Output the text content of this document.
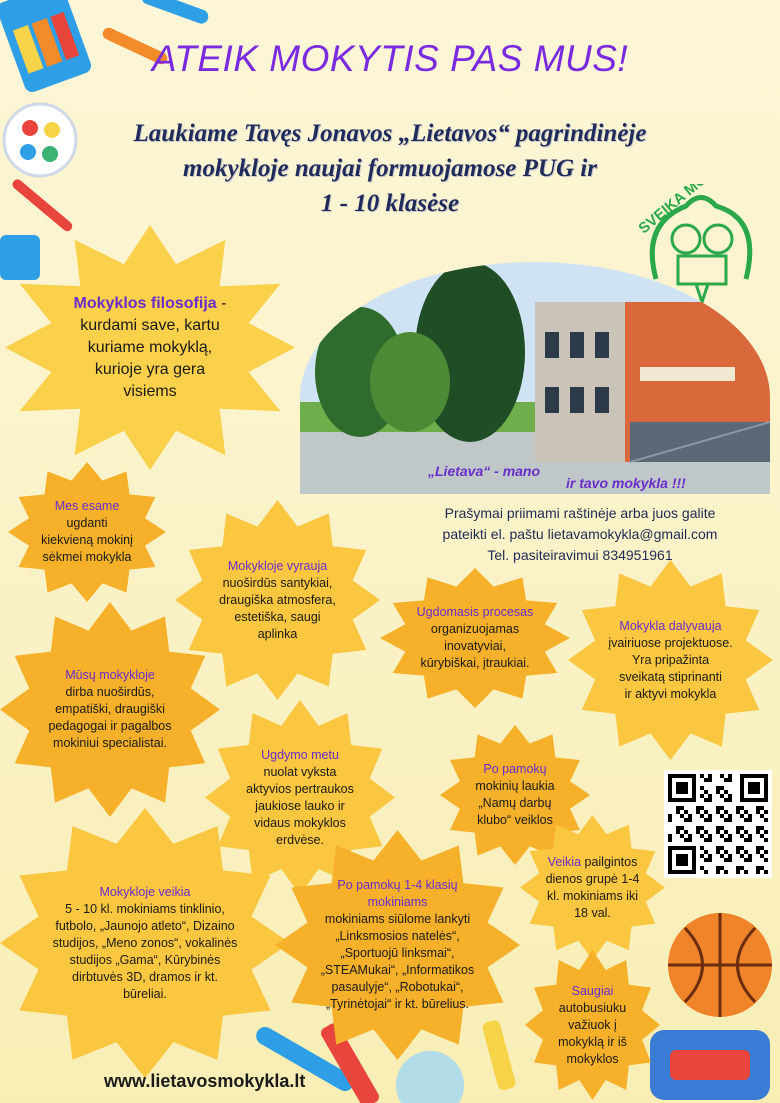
ATEIK MOKYTIS PAS MUS!
Laukiame Tavęs Jonavos „Lietavos“ pagrindinėje
mokykloje naujai formuojamose PUG ir
1 - 10 klasėse	SVEIKA MOKYKLA
„Lietava“ - mano
ir tavo mokykla !!!
Prašymai priimami raštinėje arba juos galite
pateikti el. paštu lietavamokykla@gmail.com
Tel. pasiteiravimui 834951961
Mokyklos filosofija -
kurdami save, kartu
kuriame mokyklą,
kurioje yra gera
visiems
Mes esame
ugdanti
kiekvieną mokinį
sėkmei mokykla
Mokykloje vyrauja
nuoširdūs santykiai,
draugiška atmosfera,
estetiška, saugi
aplinka
Ugdomasis procesas
organizuojamas
inovatyviai,
kūrybiškai, įtraukiai.
Mokykla dalyvauja
įvairiuose projektuose.
Yra pripažinta
sveikatą stiprinanti
ir aktyvi mokykla
Mūsų mokykloje
dirba nuoširdūs,
empatiški, draugiški
pedagogai ir pagalbos
mokiniui specialistai.
Ugdymo metu
nuolat vyksta
aktyvios pertraukos
jaukiose lauko ir
vidaus mokyklos
erdvėse.
Po pamokų
mokinių laukia
„Namų darbų
klubo“ veiklos
Mokykloje veikia
5 - 10 kl. mokiniams tinklinio,
futbolo, „Jaunojo atleto“, Dizaino
studijos, „Meno zonos“, vokalinės
studijos „Gama“, Kūrybinės
dirbtuvės 3D, dramos ir kt.
būreliai.
Po pamokų 1-4 klasių
mokiniams
mokiniams siūlome lankyti
„Linksmosios natelės“,
„Sportuojū linksmai“,
„STEAMukai“, „Informatikos
pasaulyje“, „Robotukai“,
„Tyrinėtojai“ ir kt. būrelius.
Veikia pailgintos
dienos grupė 1-4
kl. mokiniams iki
18 val.
Saugiai
autobusiuku
važiuok į
mokyklą ir iš
mokyklos
www.lietavosmokykla.lt
